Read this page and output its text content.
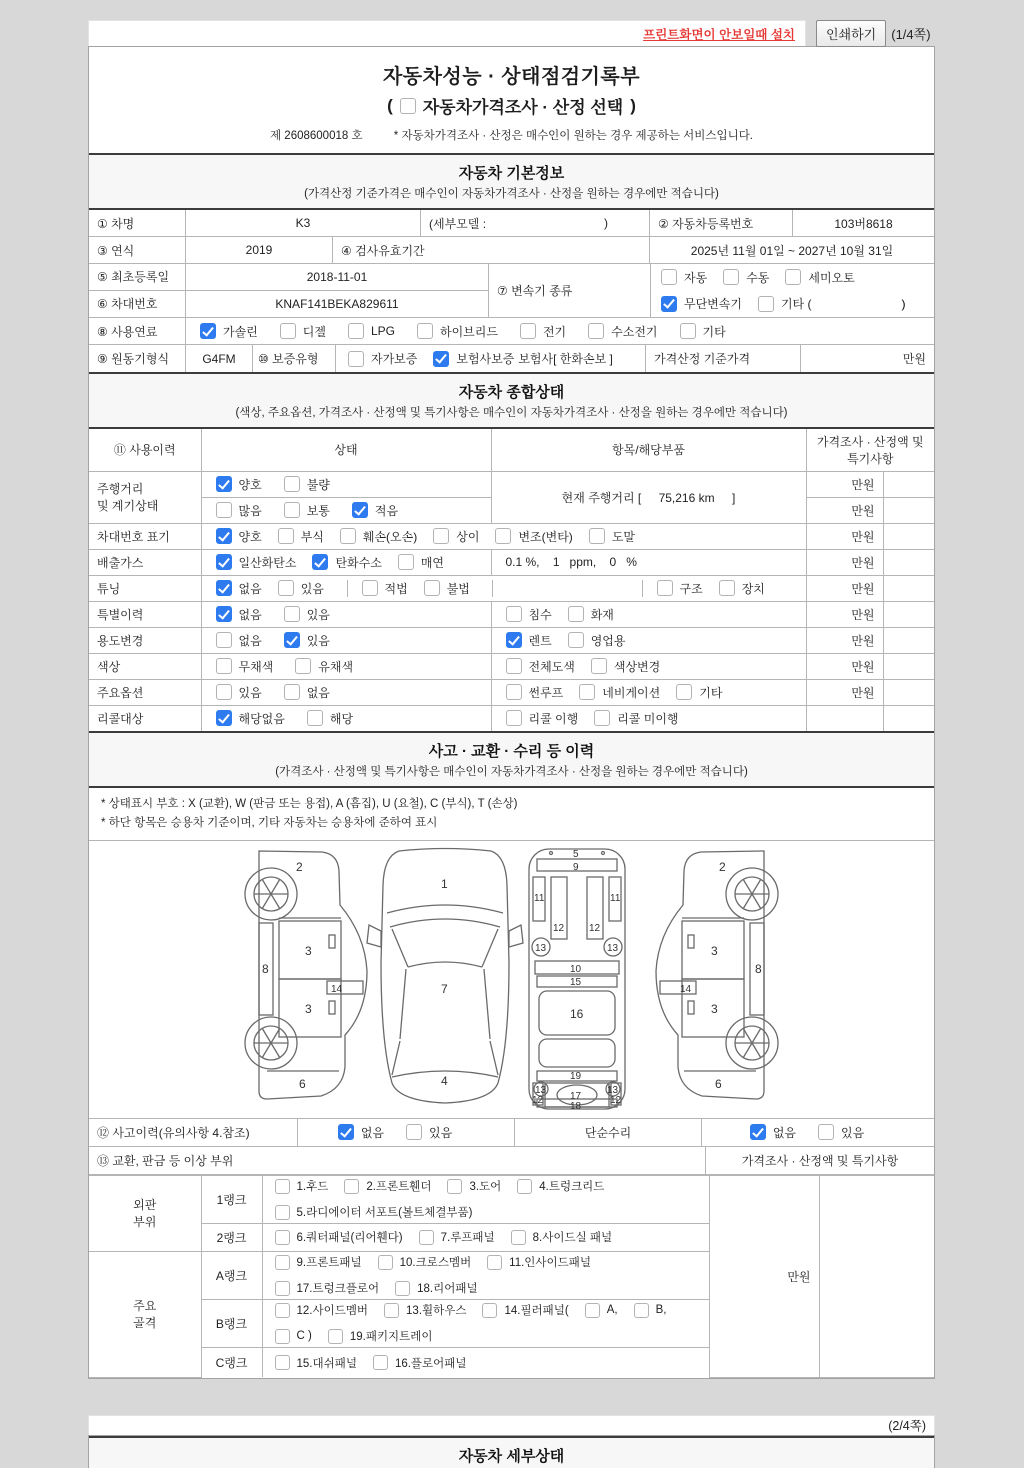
프린트화면이 안보일때 설치	인쇄하기	(1/4쪽)
자동차성능 · 상태점검기록부
( 자동차가격조사 · 산정 선택 )
제 2608600018 호	* 자동차가격조사 · 산정은 매수인이 원하는 경우 제공하는 서비스입니다.
자동차 기본정보
(가격산정 기준가격은 매수인이 자동차가격조사 · 산정을 원하는 경우에만 적습니다)
① 차명	K3	(세부모델 :	)	② 자동차등록번호	103버8618
③ 연식	2019	④ 검사유효기간	2025년 11월 01일 ~ 2027년 10월 31일
⑤ 최초등록일	2018-11-01
⑥ 차대번호	KNAF141BEKA829611
⑦ 변속기 종류
자동	수동	세미오토
무단변속기	기타 (	)
⑧ 사용연료	가솔린	디젤	LPG	하이브리드	전기	수소전기	기타
⑨ 원동기형식	G4FM	⑩ 보증유형	자가보증	보험사보증 보험사[ 한화손보 ]	가격산정 기준가격	만원
자동차 종합상태
(색상, 주요옵션, 가격조사 · 산정액 및 특기사항은 매수인이 자동차가격조사 · 산정을 원하는 경우에만 적습니다)
⑪ 사용이력	상태	항목/해당부품	가격조사 · 산정액 및
특기사항	
주행거리
및 계기상태	양호 불량	현재 주행거리 [ 75,216 km ]	만원	

	많음 보통 적음		만원	
차대번호 표기	양호	부식	훼손(오손)	상이	변조(변타)	도말	만원	
배출가스	일산화탄소 탄화수소 매연	0.1 %,    1   ppm,    0   %	만원	
튜닝	없음	있음	적법	불법	구조	장치	만원	
특별이력	없음 있음	침수 화재	만원	
용도변경	없음 있음	렌트 영업용	만원	
색상	무채색 유채색	전체도색 색상변경	만원	
주요옵션	있음 없음	썬루프 네비게이션 기타	만원	
리콜대상	해당없음 해당	리콜 이행 리콜 미이행		

사고 · 교환 · 수리 등 이력
(가격조사 · 산정액 및 특기사항은 매수인이 자동차가격조사 · 산정을 원하는 경우에만 적습니다)
* 상태표시 부호 : X (교환), W (판금 또는 용접), A (흠집), U (요철), C (부식), T (손상)
* 하단 항목은 승용차 기준이며, 기타 자동차는 승용차에 준하여 표시
2
3
8
14
3
6
1
7
4
5
9
11	11
12 12
13	13
10
15
16
19
13	13
12	12
17
18
2
3
8
14
3
6
⑫ 사고이력(유의사항 4.참조)	없음	있음	단순수리	없음	있음
⑬ 교환, 판금 등 이상 부위	가격조사 · 산정액 및 특기사항
외판
부위	1랭크	1.후드 2.프론트휀더 3.도어 4.트렁크리드
5.라디에이터 서포트(볼트체결부품)	만원	
	2랭크	6.쿼터패널(리어휀다) 7.루프패널 8.사이드실 패널		

주요
골격	A랭크	9.프론트패널 10.크로스멤버 11.인사이드패널
17.트렁크플로어 18.리어패널		

B랭크	
12.사이드멤버	13.휠하우스	14.필러패널(	A,	B,
C )	19.패키지트레이

	C랭크	15.대쉬패널 16.플로어패널		
(2/4쪽)
자동차 세부상태
